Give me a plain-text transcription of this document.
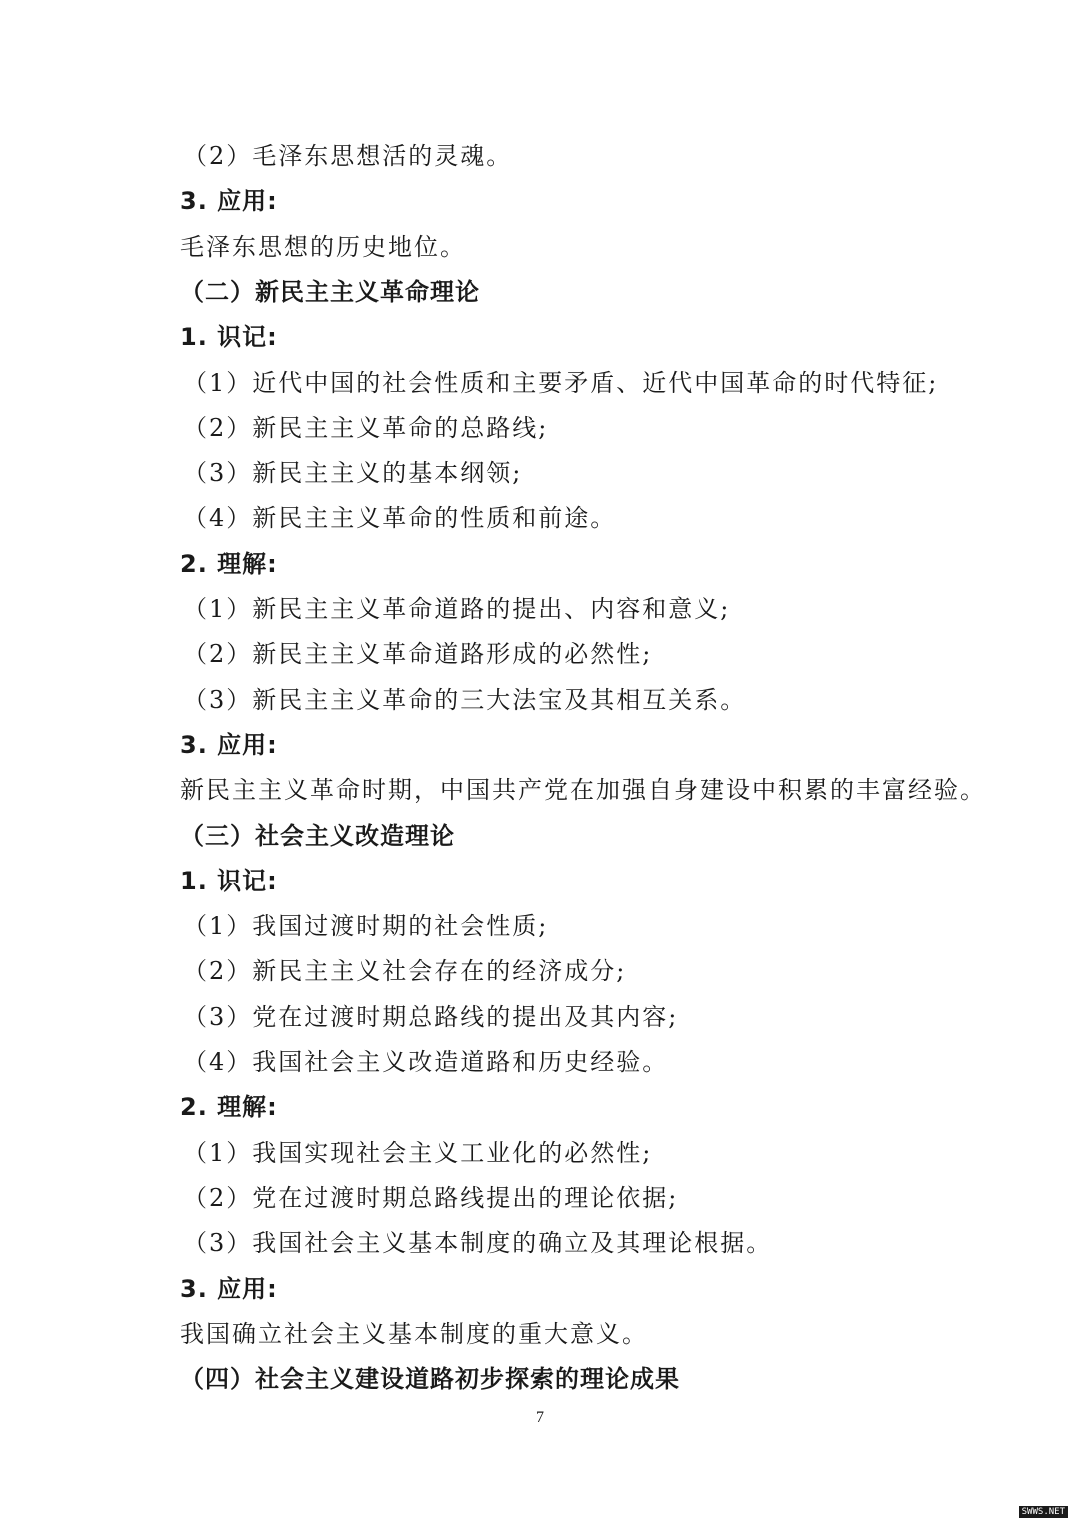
（2）毛泽东思想活的灵魂。
3. 应用:
毛泽东思想的历史地位。
（二）新民主主义革命理论
1. 识记:
（1）近代中国的社会性质和主要矛盾、近代中国革命的时代特征;
（2）新民主主义革命的总路线;
（3）新民主主义的基本纲领;
（4）新民主主义革命的性质和前途。
2. 理解:
（1）新民主主义革命道路的提出、内容和意义;
（2）新民主主义革命道路形成的必然性;
（3）新民主主义革命的三大法宝及其相互关系。
3. 应用:
新民主主义革命时期，中国共产党在加强自身建设中积累的丰富经验。
（三）社会主义改造理论
1. 识记:
（1）我国过渡时期的社会性质;
（2）新民主主义社会存在的经济成分;
（3）党在过渡时期总路线的提出及其内容;
（4）我国社会主义改造道路和历史经验。
2. 理解:
（1）我国实现社会主义工业化的必然性;
（2）党在过渡时期总路线提出的理论依据;
（3）我国社会主义基本制度的确立及其理论根据。
3. 应用:
我国确立社会主义基本制度的重大意义。
（四）社会主义建设道路初步探索的理论成果
7
SWWS.NET
